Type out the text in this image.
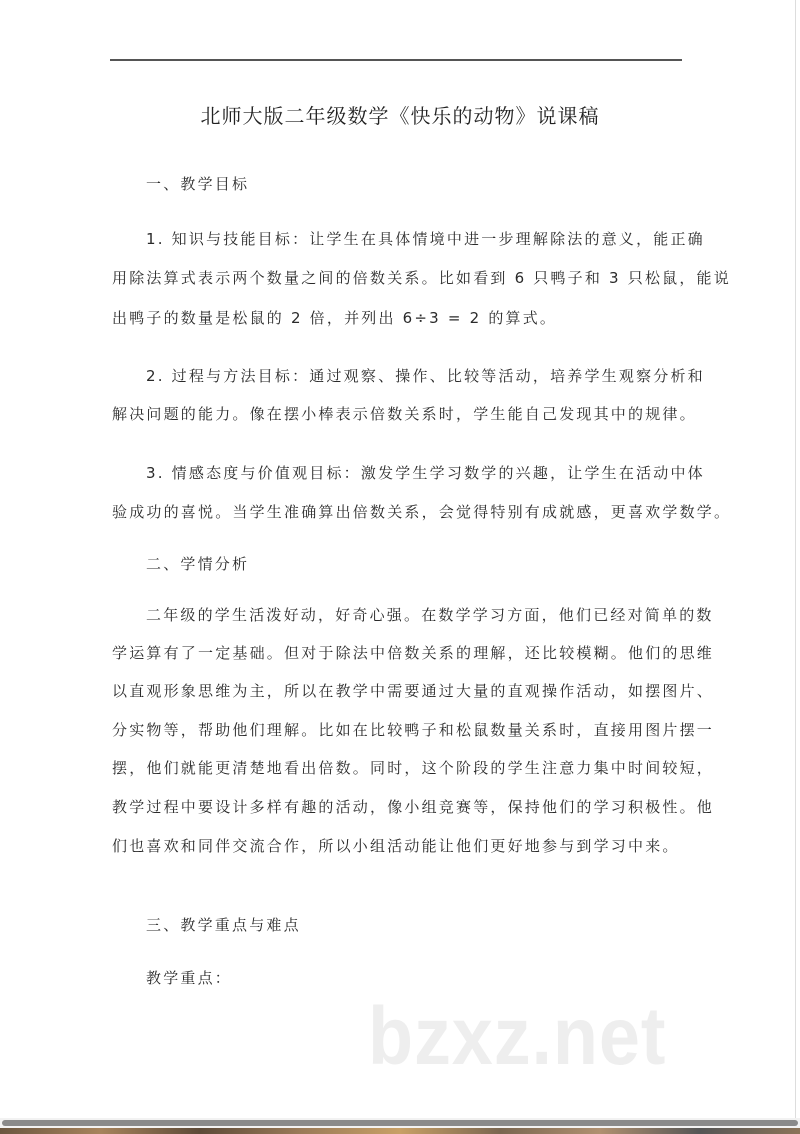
北师大版二年级数学《快乐的动物》说课稿
一、教学目标
1. 知识与技能目标：让学生在具体情境中进一步理解除法的意义，能正确
用除法算式表示两个数量之间的倍数关系。比如看到 6 只鸭子和 3 只松鼠，能说
出鸭子的数量是松鼠的 2 倍，并列出 6÷3 = 2 的算式。
2. 过程与方法目标：通过观察、操作、比较等活动，培养学生观察分析和
解决问题的能力。像在摆小棒表示倍数关系时，学生能自己发现其中的规律。
3. 情感态度与价值观目标：激发学生学习数学的兴趣，让学生在活动中体
验成功的喜悦。当学生准确算出倍数关系，会觉得特别有成就感，更喜欢学数学。
二、学情分析
二年级的学生活泼好动，好奇心强。在数学学习方面，他们已经对简单的数
学运算有了一定基础。但对于除法中倍数关系的理解，还比较模糊。他们的思维
以直观形象思维为主，所以在教学中需要通过大量的直观操作活动，如摆图片、
分实物等，帮助他们理解。比如在比较鸭子和松鼠数量关系时，直接用图片摆一
摆，他们就能更清楚地看出倍数。同时，这个阶段的学生注意力集中时间较短，
教学过程中要设计多样有趣的活动，像小组竞赛等，保持他们的学习积极性。他
们也喜欢和同伴交流合作，所以小组活动能让他们更好地参与到学习中来。
三、教学重点与难点
教学重点：
bzxz.net
